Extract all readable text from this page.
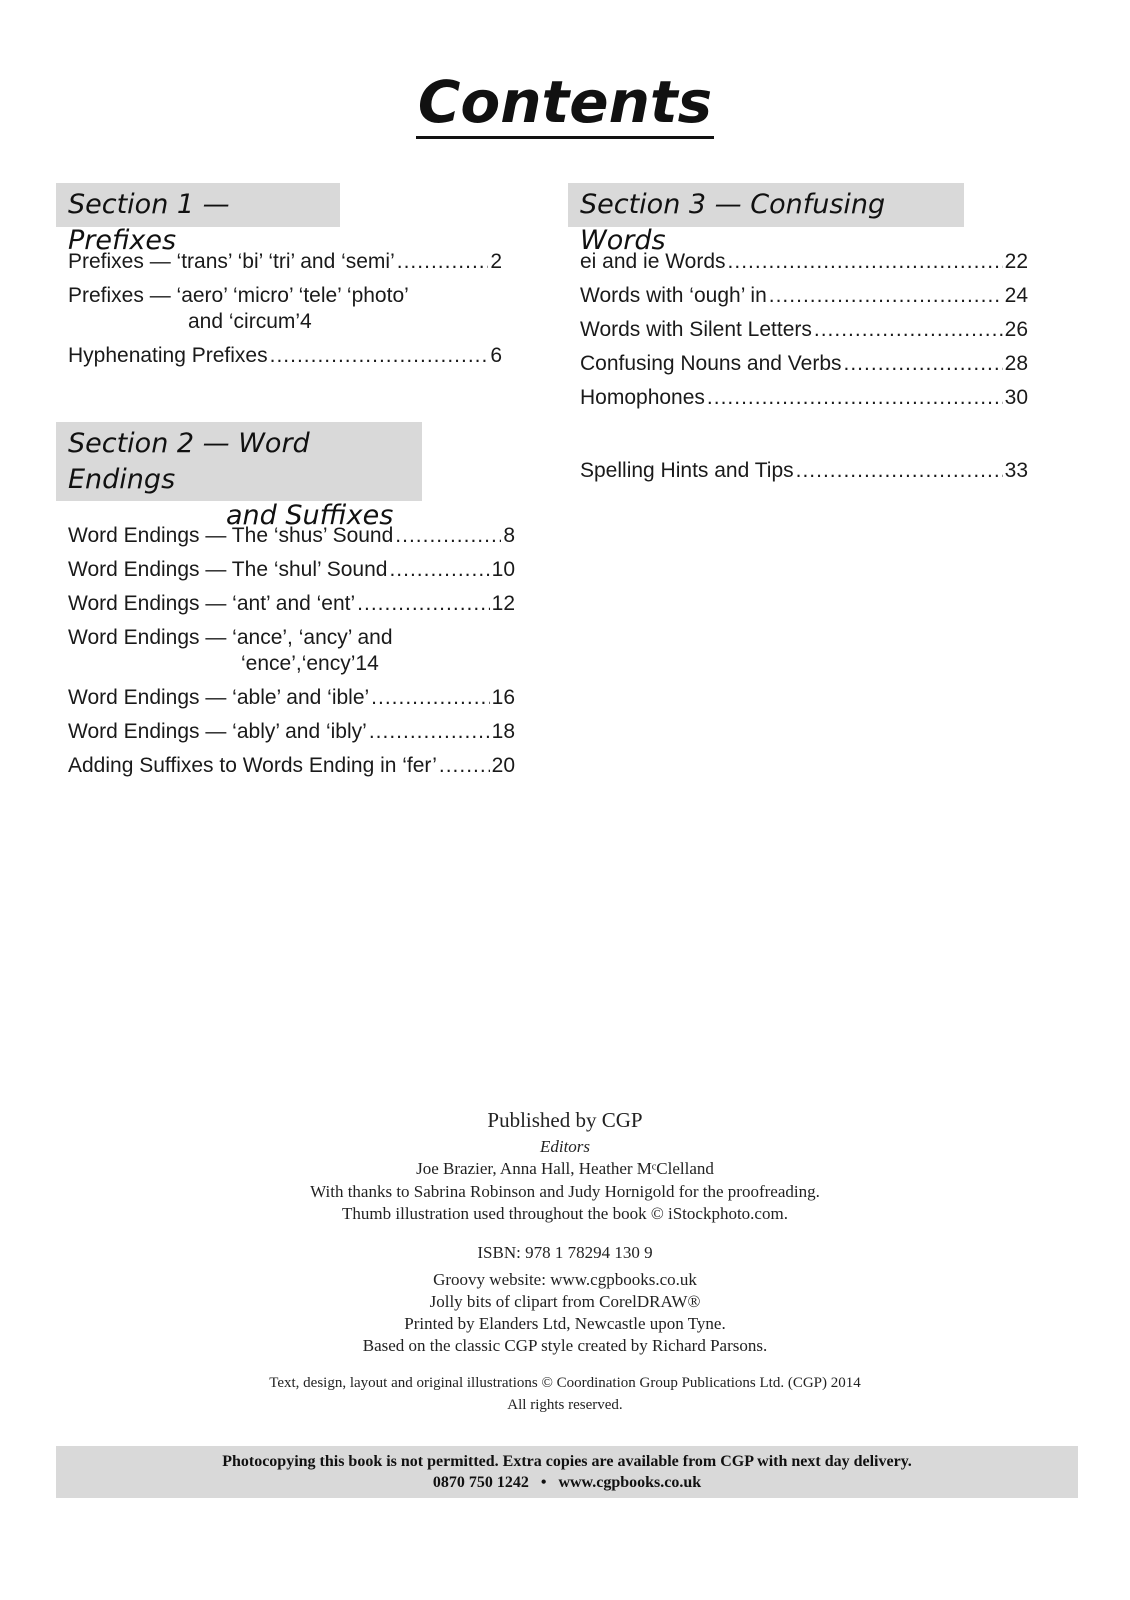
Contents
Section 1 — Prefixes
Prefixes — ‘trans’ ‘bi’ ‘tri’ and ‘semi’ .....	2
Prefixes — ‘aero’ ‘micro’ ‘tele’ ‘photo’
and ‘circum’ 4
Hyphenating Prefixes .....	6
Section 2 — Word Endings
and Suffixes
Word Endings — The ‘shus’ Sound .....	8
Word Endings — The ‘shul’ Sound .....	10
Word Endings — ‘ant’ and ‘ent’ .....	12
Word Endings — ‘ance’, ‘ancy’ and
‘ence’,‘ency’ 14
Word Endings — ‘able’ and ‘ible’ .....	16
Word Endings — ‘ably’ and ‘ibly’ .....	18
Adding Suffixes to Words Ending in ‘fer’ .....	20
Section 3 — Confusing Words
ei and ie Words .....	22
Words with ‘ough’ in .....	24
Words with Silent Letters .....	26
Confusing Nouns and Verbs .....	28
Homophones .....	30
Spelling Hints and Tips .....	33
Published by CGP
Editors
Joe Brazier, Anna Hall, Heather MᶜClelland
With thanks to Sabrina Robinson and Judy Hornigold for the proofreading.
Thumb illustration used throughout the book © iStockphoto.com.
ISBN: 978 1 78294 130 9
Groovy website: www.cgpbooks.co.uk
Jolly bits of clipart from CorelDRAW®
Printed by Elanders Ltd, Newcastle upon Tyne.
Based on the classic CGP style created by Richard Parsons.
Text, design, layout and original illustrations © Coordination Group Publications Ltd. (CGP) 2014
All rights reserved.
Photocopying this book is not permitted. Extra copies are available from CGP with next day delivery.
0870 750 1242   •   www.cgpbooks.co.uk
